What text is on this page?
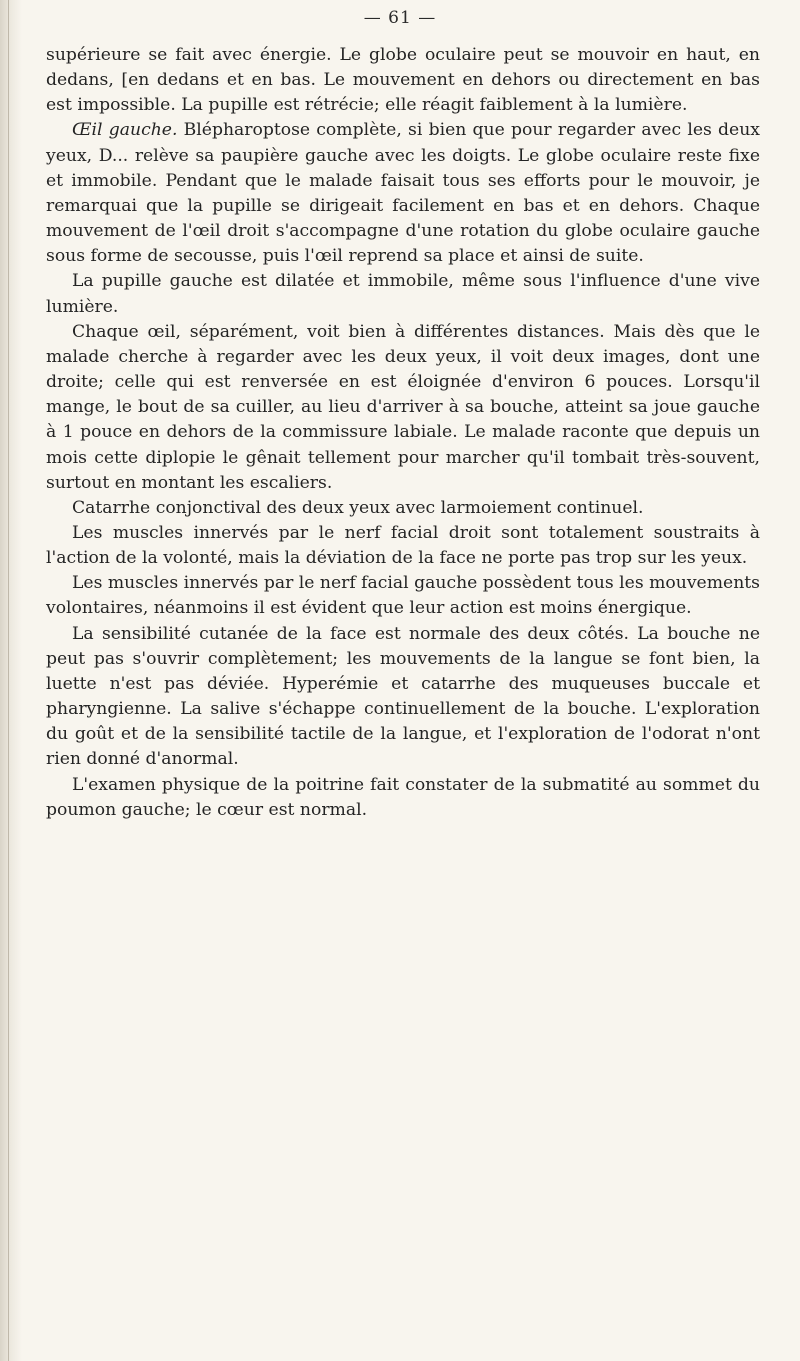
— 61 —

supérieure se fait avec énergie. Le globe oculaire peut se mouvoir en haut, en dedans, [en dedans et en bas. Le mouvement en dehors ou directement en bas est impossible. La pupille est rétrécie; elle réagit faiblement à la lumière.

Œil gauche. Blépharoptose complète, si bien que pour regarder avec les deux yeux, D... relève sa paupière gauche avec les doigts. Le globe oculaire reste fixe et immobile. Pendant que le malade faisait tous ses efforts pour le mouvoir, je remarquai que la pupille se dirigeait facilement en bas et en dehors. Chaque mouvement de l'œil droit s'accompagne d'une rotation du globe oculaire gauche sous forme de secousse, puis l'œil reprend sa place et ainsi de suite.

La pupille gauche est dilatée et immobile, même sous l'influence d'une vive lumière.

Chaque œil, séparément, voit bien à différentes distances. Mais dès que le malade cherche à regarder avec les deux yeux, il voit deux images, dont une droite; celle qui est renversée en est éloignée d'environ 6 pouces. Lorsqu'il mange, le bout de sa cuiller, au lieu d'arriver à sa bouche, atteint sa joue gauche à 1 pouce en dehors de la commissure labiale. Le malade raconte que depuis un mois cette diplopie le gênait tellement pour marcher qu'il tombait très-souvent, surtout en montant les escaliers.

Catarrhe conjonctival des deux yeux avec larmoiement continuel.

Les muscles innervés par le nerf facial droit sont totalement soustraits à l'action de la volonté, mais la déviation de la face ne porte pas trop sur les yeux.

Les muscles innervés par le nerf facial gauche possèdent tous les mouvements volontaires, néanmoins il est évident que leur action est moins énergique.

La sensibilité cutanée de la face est normale des deux côtés. La bouche ne peut pas s'ouvrir complètement; les mouvements de la langue se font bien, la luette n'est pas déviée. Hyperémie et catarrhe des muqueuses buccale et pharyngienne. La salive s'échappe continuellement de la bouche. L'exploration du goût et de la sensibilité tactile de la langue, et l'exploration de l'odorat n'ont rien donné d'anormal.

L'examen physique de la poitrine fait constater de la submatité au sommet du poumon gauche; le cœur est normal.
